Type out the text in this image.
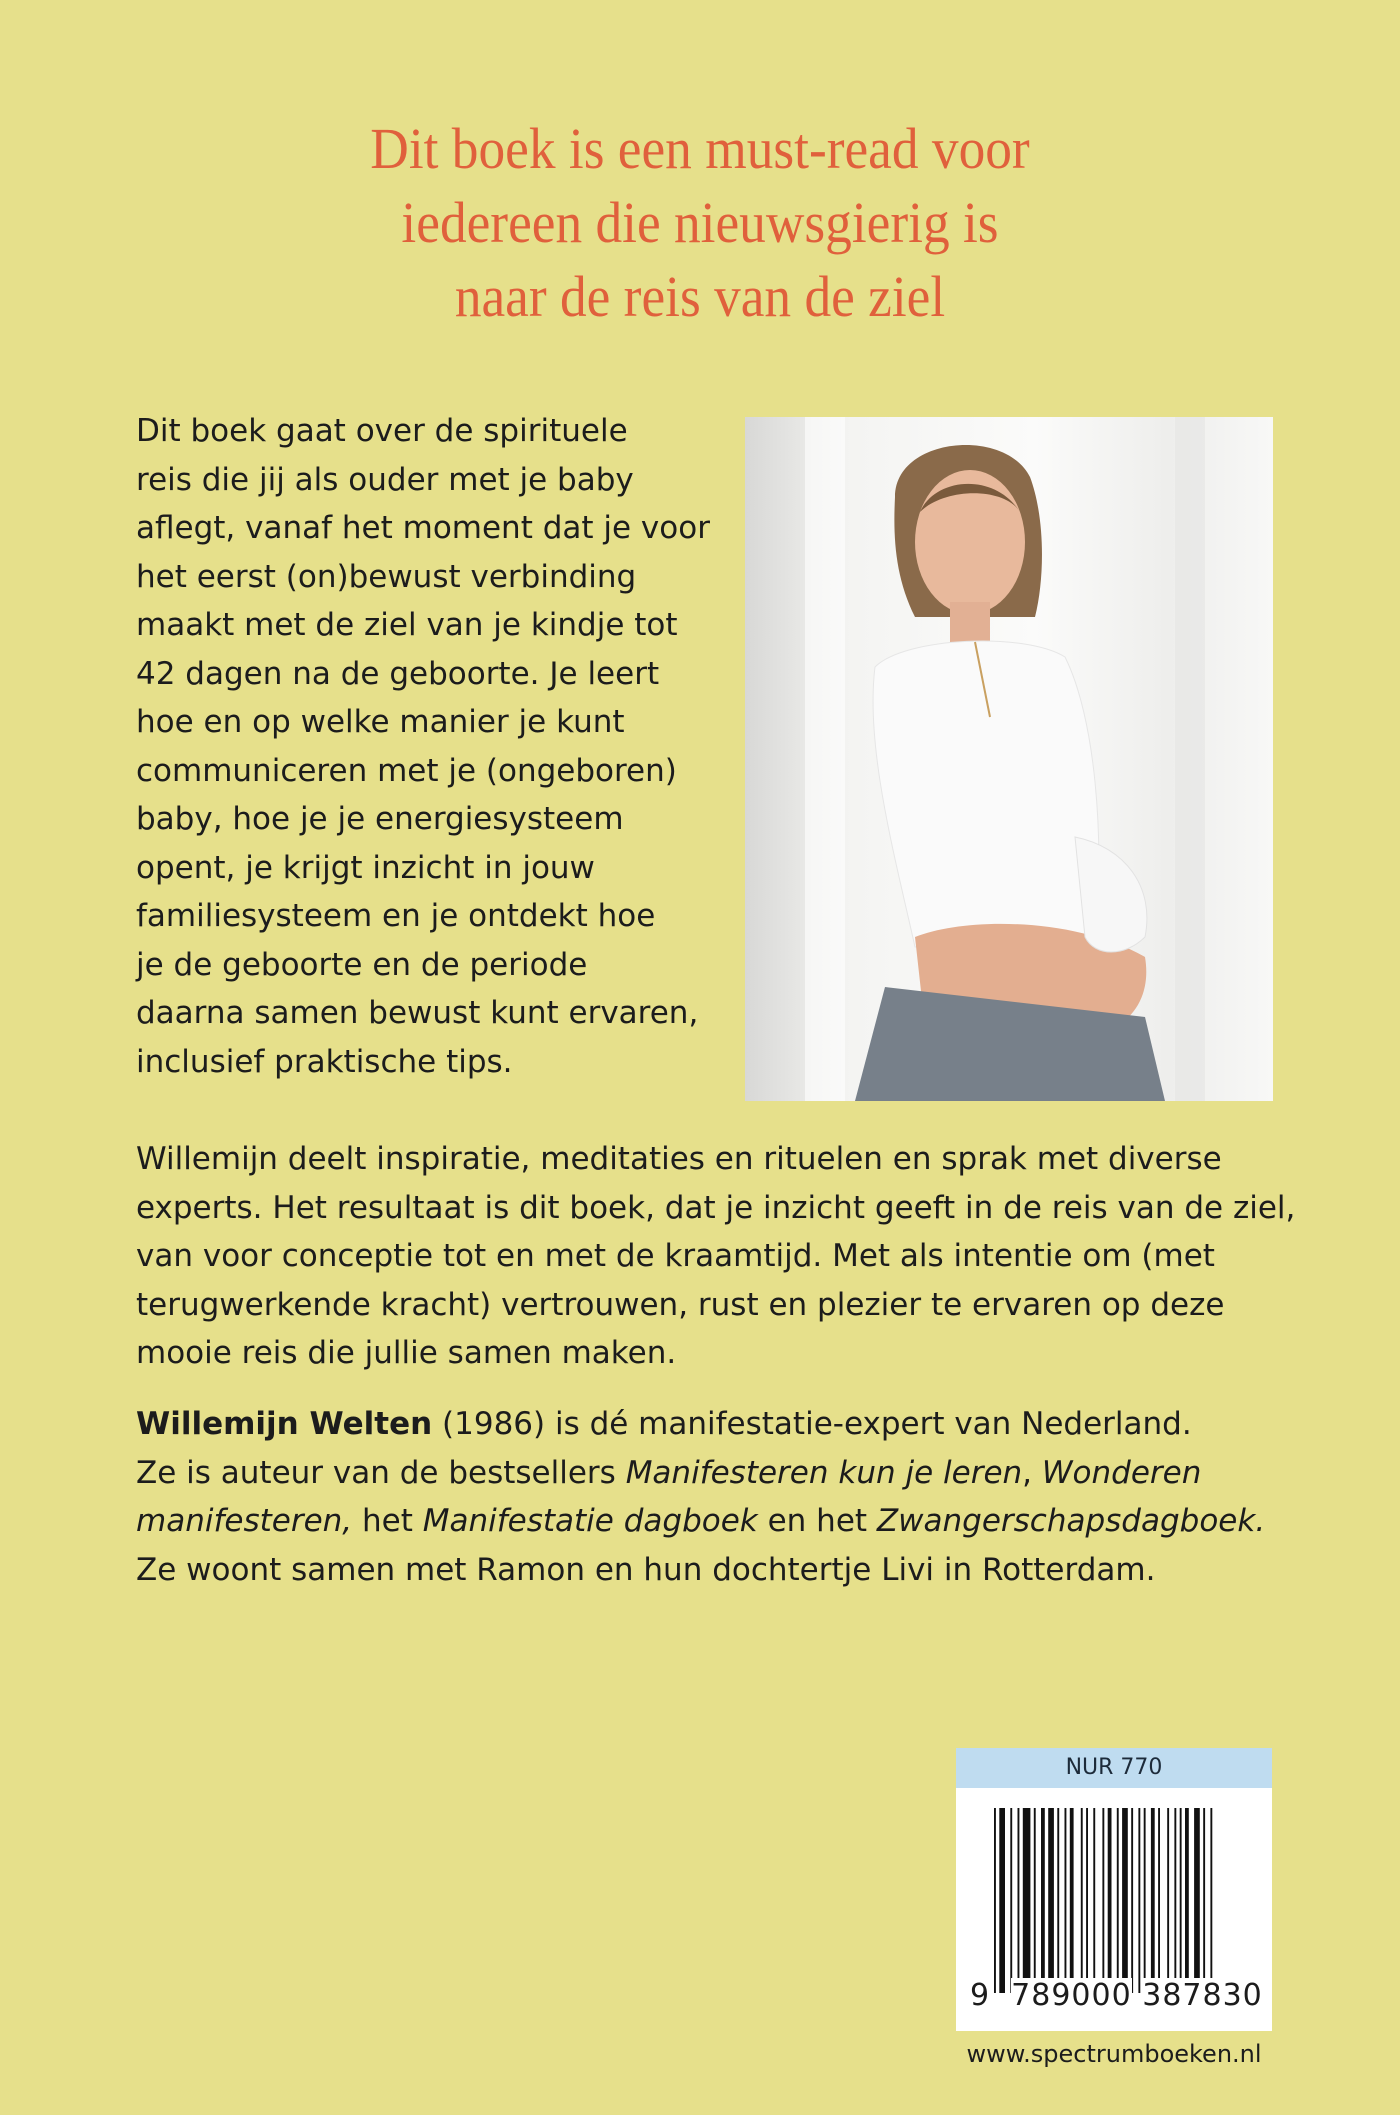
Dit boek is een must-read voor
iedereen die nieuwsgierig is
naar de reis van de ziel
Dit boek gaat over de spirituele
reis die jij als ouder met je baby
aflegt, vanaf het moment dat je voor
het eerst (on)bewust verbinding
maakt met de ziel van je kindje tot
42 dagen na de geboorte. Je leert
hoe en op welke manier je kunt
communiceren met je (ongeboren)
baby, hoe je je energiesysteem
opent, je krijgt inzicht in jouw
familiesysteem en je ontdekt hoe
je de geboorte en de periode
daarna samen bewust kunt ervaren,
inclusief praktische tips.
Willemijn deelt inspiratie, meditaties en rituelen en sprak met diverse
experts. Het resultaat is dit boek, dat je inzicht geeft in de reis van de ziel,
van voor conceptie tot en met de kraamtijd. Met als intentie om (met
terugwerkende kracht) vertrouwen, rust en plezier te ervaren op deze
mooie reis die jullie samen maken.
Willemijn Welten (1986) is dé manifestatie-expert van Nederland.
Ze is auteur van de bestsellers Manifesteren kun je leren, Wonderen
manifesteren, het Manifestatie dagboek en het Zwangerschapsdagboek.
Ze woont samen met Ramon en hun dochtertje Livi in Rotterdam.
NUR 770
9 789000 387830
www.spectrumboeken.nl
